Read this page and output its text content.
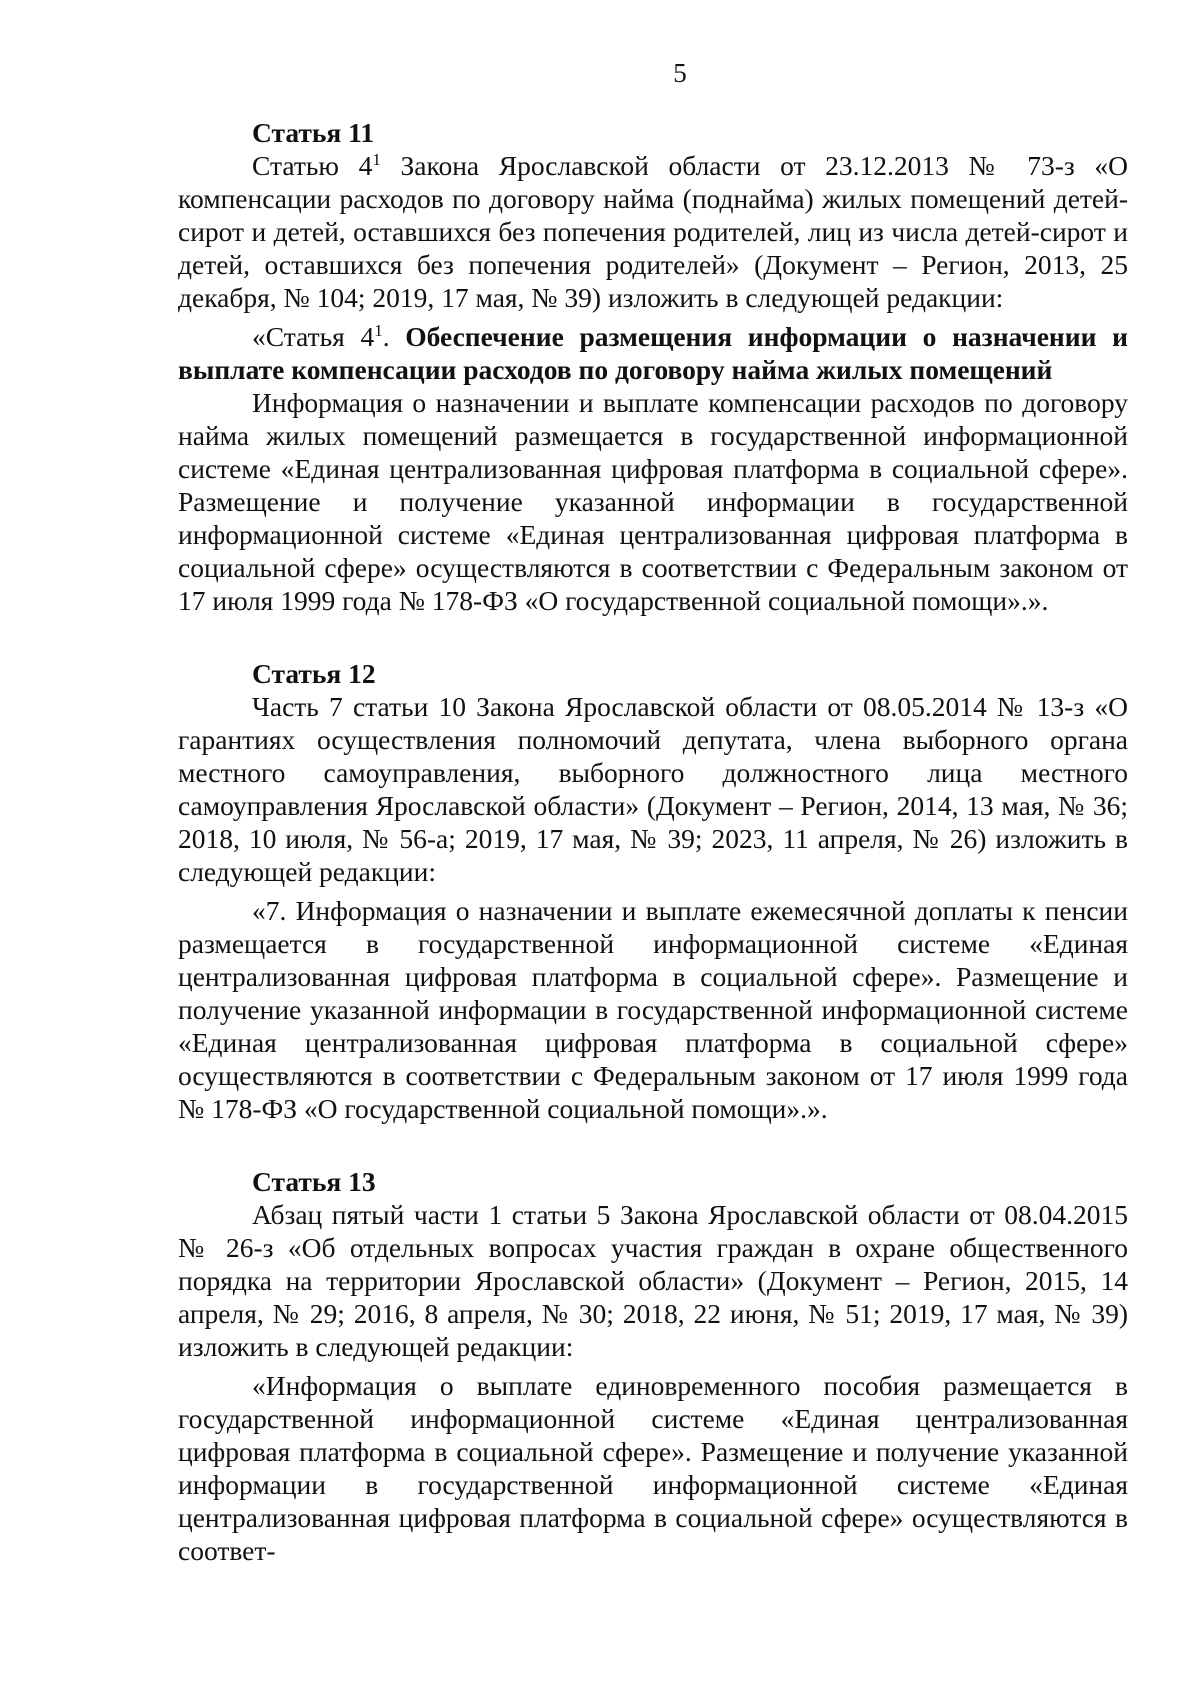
5

Статья 11

Статью $4^1$ Закона Ярославской области от 23.12.2013 № 73-з «О компенсации расходов по договору найма (поднайма) жилых помещений детей-сирот и детей, оставшихся без попечения родителей, лиц из числа детей-сирот и детей, оставшихся без попечения родителей» (Документ – Регион, 2013, 25 декабря, № 104; 2019, 17 мая, № 39) изложить в следующей редакции:

«Статья $4^1$. Обеспечение размещения информации о назначении и выплате компенсации расходов по договору найма жилых помещений

Информация о назначении и выплате компенсации расходов по договору найма жилых помещений размещается в государственной информационной системе «Единая централизованная цифровая платформа в социальной сфере». Размещение и получение указанной информации в государственной информационной системе «Единая централизованная цифровая платформа в социальной сфере» осуществляются в соответствии с Федеральным законом от 17 июля 1999 года № 178-ФЗ «О государственной социальной помощи».».

Статья 12

Часть 7 статьи 10 Закона Ярославской области от 08.05.2014 № 13-з «О гарантиях осуществления полномочий депутата, члена выборного органа местного самоуправления, выборного должностного лица местного самоуправления Ярославской области» (Документ – Регион, 2014, 13 мая, № 36; 2018, 10 июля, № 56-а; 2019, 17 мая, № 39; 2023, 11 апреля, № 26) изложить в следующей редакции:

«7. Информация о назначении и выплате ежемесячной доплаты к пенсии размещается в государственной информационной системе «Единая централизованная цифровая платформа в социальной сфере». Размещение и получение указанной информации в государственной информационной системе «Единая централизованная цифровая платформа в социальной сфере» осуществляются в соответствии с Федеральным законом от 17 июля 1999 года № 178-ФЗ «О государственной социальной помощи».».

Статья 13

Абзац пятый части 1 статьи 5 Закона Ярославской области от 08.04.2015 № 26-з «Об отдельных вопросах участия граждан в охране общественного порядка на территории Ярославской области» (Документ – Регион, 2015, 14 апреля, № 29; 2016, 8 апреля, № 30; 2018, 22 июня, № 51; 2019, 17 мая, № 39) изложить в следующей редакции:

«Информация о выплате единовременного пособия размещается в государственной информационной системе «Единая централизованная цифровая платформа в социальной сфере». Размещение и получение указанной информации в государственной информационной системе «Единая централизованная цифровая платформа в социальной сфере» осуществляются в соответ-
